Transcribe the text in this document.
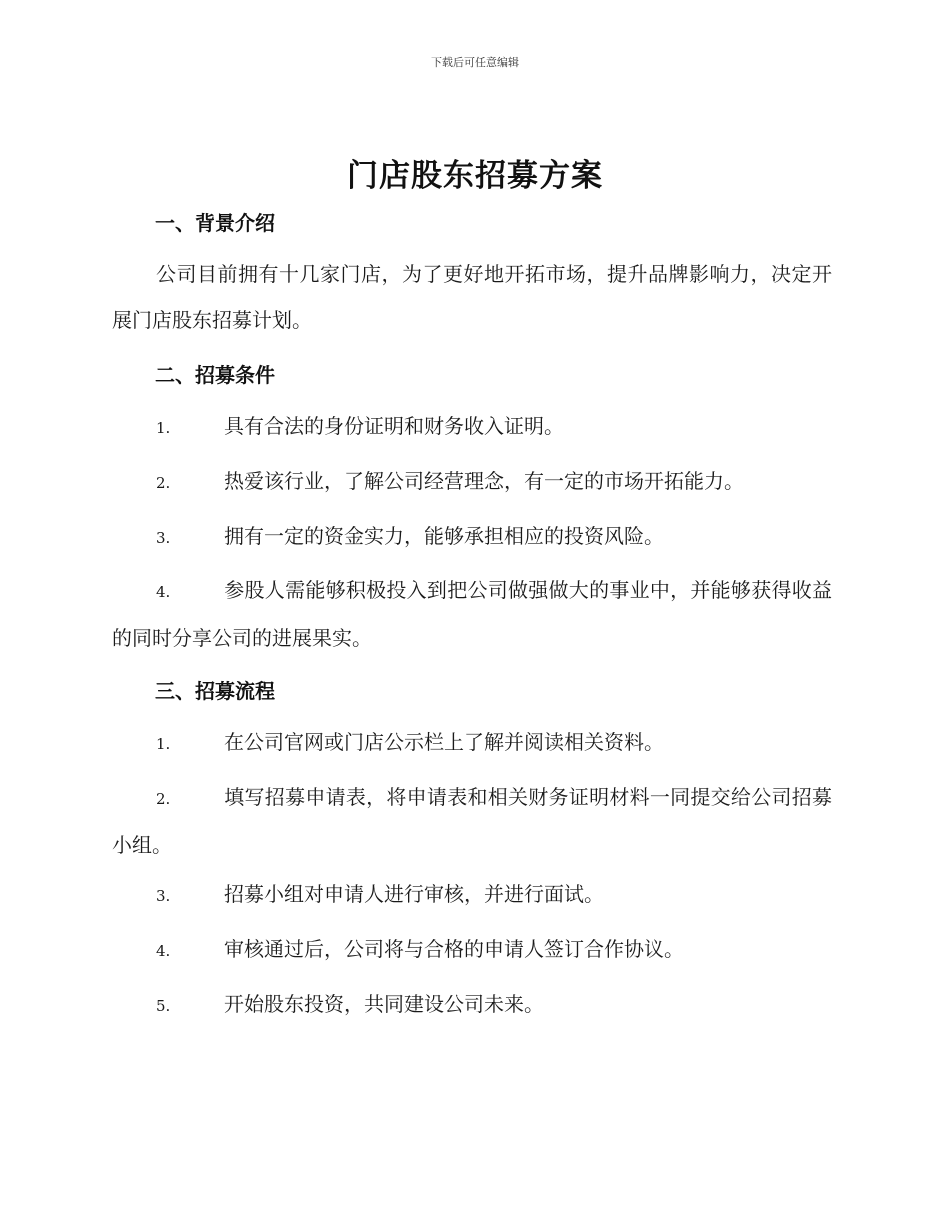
下载后可任意编辑
门店股东招募方案
一、背景介绍

公司目前拥有十几家门店，为了更好地开拓市场，提升品牌影响力，决定开展门店股东招募计划。

二、招募条件

1.	具有合法的身份证明和财务收入证明。

2.	热爱该行业，了解公司经营理念，有一定的市场开拓能力。

3.	拥有一定的资金实力，能够承担相应的投资风险。

4.	参股人需能够积极投入到把公司做强做大的事业中，并能够获得收益的同时分享公司的进展果实。

三、招募流程

1.	在公司官网或门店公示栏上了解并阅读相关资料。

2.	填写招募申请表，将申请表和相关财务证明材料一同提交给公司招募小组。

3.	招募小组对申请人进行审核，并进行面试。

4.	审核通过后，公司将与合格的申请人签订合作协议。

5.	开始股东投资，共同建设公司未来。
